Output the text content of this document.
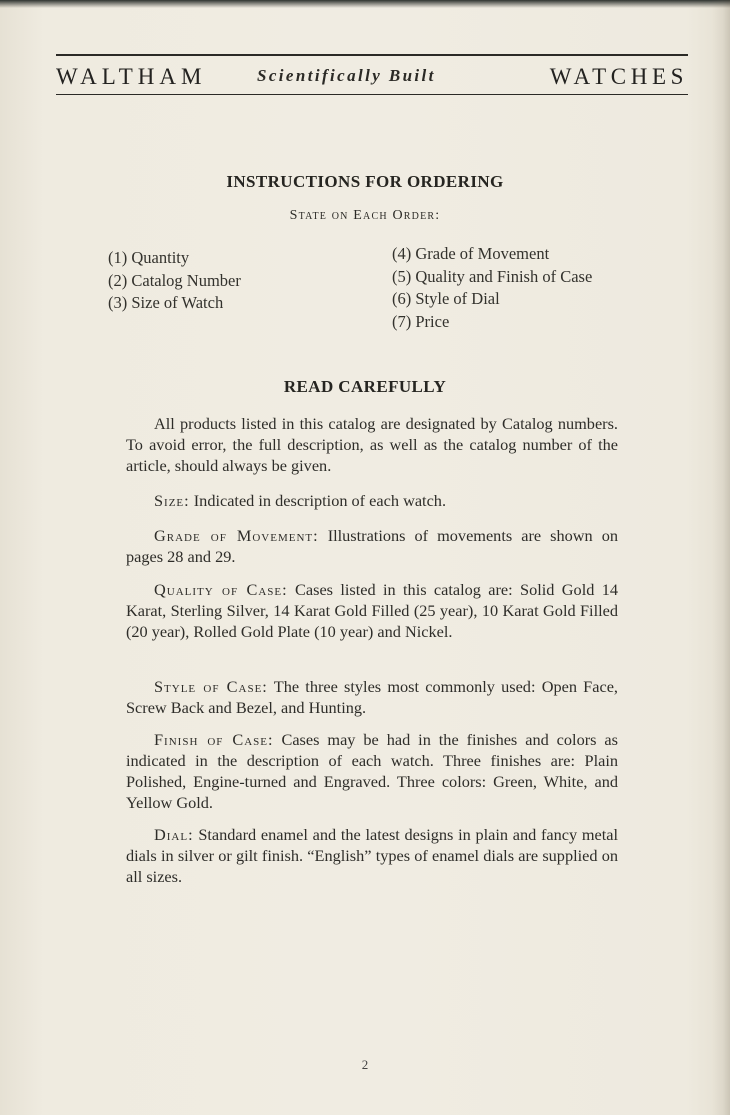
WALTHAM	Scientifically Built	WATCHES
INSTRUCTIONS FOR ORDERING
State on Each Order:
(1) Quantity
(2) Catalog Number
(3) Size of Watch
(4) Grade of Movement
(5) Quality and Finish of Case
(6) Style of Dial
(7) Price
READ CAREFULLY
All products listed in this catalog are designated by Catalog numbers. To avoid error, the full description, as well as the catalog number of the article, should always be given.
Size: Indicated in description of each watch.
Grade of Movement: Illustrations of movements are shown on pages 28 and 29.
Quality of Case: Cases listed in this catalog are: Solid Gold 14 Karat, Sterling Silver, 14 Karat Gold Filled (25 year), 10 Karat Gold Filled (20 year), Rolled Gold Plate (10 year) and Nickel.
Style of Case: The three styles most commonly used: Open Face, Screw Back and Bezel, and Hunting.
Finish of Case: Cases may be had in the finishes and colors as indicated in the description of each watch. Three finishes are: Plain Polished, Engine-turned and Engraved. Three colors: Green, White, and Yellow Gold.
Dial: Standard enamel and the latest designs in plain and fancy metal dials in silver or gilt finish. “English” types of enamel dials are supplied on all sizes.
2
